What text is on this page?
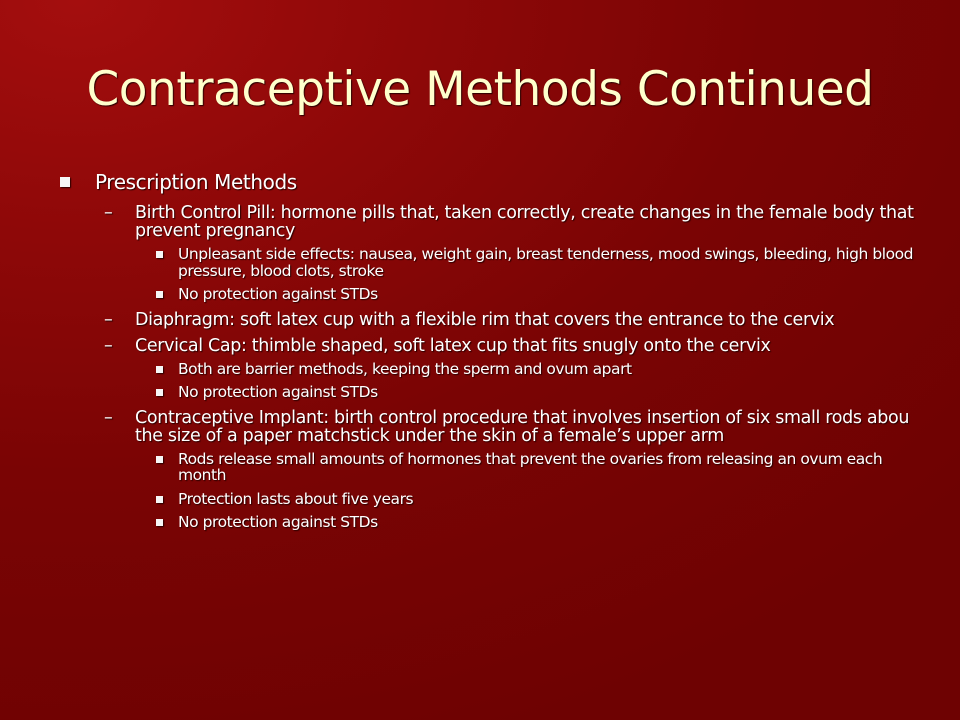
Contraceptive Methods Continued
Prescription Methods
– Birth Control Pill: hormone pills that, taken correctly, create changes in the female body that prevent pregnancy
Unpleasant side effects: nausea, weight gain, breast tenderness, mood swings, bleeding, high blood pressure, blood clots, stroke
No protection against STDs
– Diaphragm: soft latex cup with a flexible rim that covers the entrance to the cervix
– Cervical Cap: thimble shaped, soft latex cup that fits snugly onto the cervix
Both are barrier methods, keeping the sperm and ovum apart
No protection against STDs
– Contraceptive Implant: birth control procedure that involves insertion of six small rods abou the size of a paper matchstick under the skin of a female’s upper arm
Rods release small amounts of hormones that prevent the ovaries from releasing an ovum each month
Protection lasts about five years
No protection against STDs
